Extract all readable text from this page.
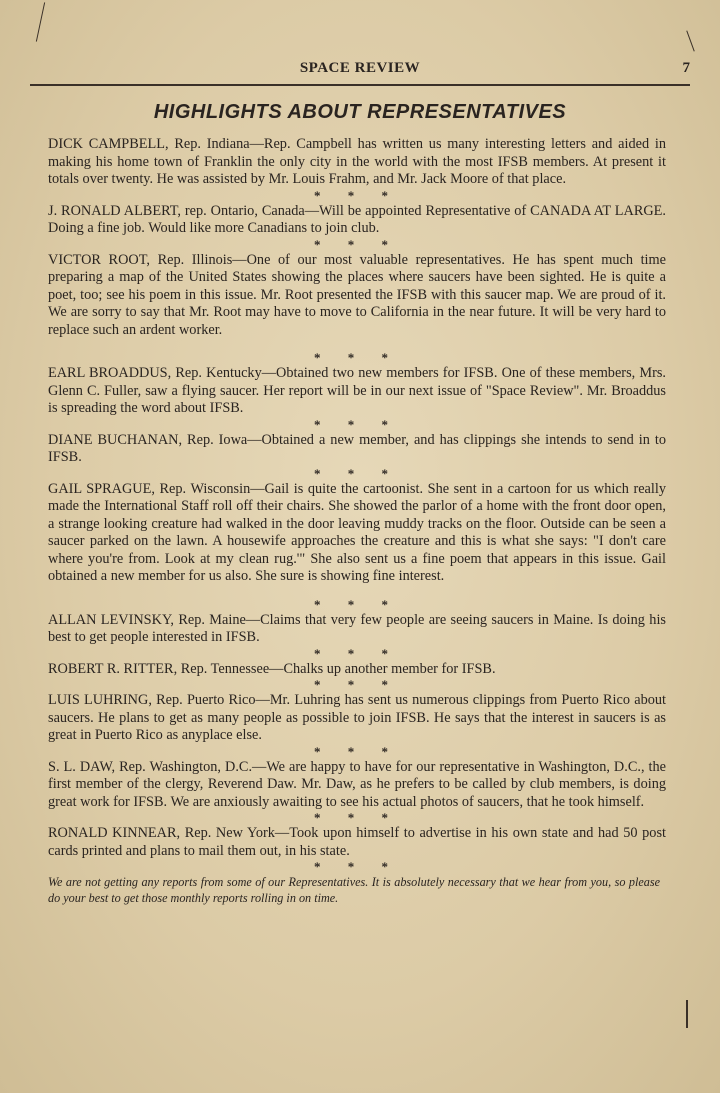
SPACE REVIEW	7
HIGHLIGHTS ABOUT REPRESENTATIVES

DICK CAMPBELL, Rep. Indiana—Rep. Campbell has written us many interesting letters and aided in making his home town of Franklin the only city in the world with the most IFSB members. At present it totals over twenty. He was assisted by Mr. Louis Frahm, and Mr. Jack Moore of that place.

* * *

J. RONALD ALBERT, rep. Ontario, Canada—Will be appointed Representative of CANADA AT LARGE. Doing a fine job. Would like more Canadians to join club.

* * *

VICTOR ROOT, Rep. Illinois—One of our most valuable representatives. He has spent much time preparing a map of the United States showing the places where saucers have been sighted. He is quite a poet, too; see his poem in this issue. Mr. Root presented the IFSB with this saucer map. We are proud of it. We are sorry to say that Mr. Root may have to move to California in the near future. It will be very hard to replace such an ardent worker.

* * *

EARL BROADDUS, Rep. Kentucky—Obtained two new members for IFSB. One of these members, Mrs. Glenn C. Fuller, saw a flying saucer. Her report will be in our next issue of "Space Review". Mr. Broaddus is spreading the word about IFSB.

* * *

DIANE BUCHANAN, Rep. Iowa—Obtained a new member, and has clippings she intends to send in to IFSB.

* * *

GAIL SPRAGUE, Rep. Wisconsin—Gail is quite the cartoonist. She sent in a cartoon for us which really made the International Staff roll off their chairs. She showed the parlor of a home with the front door open, a strange looking creature had walked in the door leaving muddy tracks on the floor. Outside can be seen a saucer parked on the lawn. A housewife approaches the creature and this is what she says: "I don't care where you're from. Look at my clean rug.'" She also sent us a fine poem that appears in this issue. Gail obtained a new member for us also. She sure is showing fine interest.

* * *

ALLAN LEVINSKY, Rep. Maine—Claims that very few people are seeing saucers in Maine. Is doing his best to get people interested in IFSB.

* * *

ROBERT R. RITTER, Rep. Tennessee—Chalks up another member for IFSB.

* * *

LUIS LUHRING, Rep. Puerto Rico—Mr. Luhring has sent us numerous clippings from Puerto Rico about saucers. He plans to get as many people as possible to join IFSB. He says that the interest in saucers is as great in Puerto Rico as anyplace else.

* * *

S. L. DAW, Rep. Washington, D.C.—We are happy to have for our representative in Washington, D.C., the first member of the clergy, Reverend Daw. Mr. Daw, as he prefers to be called by club members, is doing great work for IFSB. We are anxiously awaiting to see his actual photos of saucers, that he took himself.

* * *

RONALD KINNEAR, Rep. New York—Took upon himself to advertise in his own state and had 50 post cards printed and plans to mail them out, in his state.

* * *

We are not getting any reports from some of our Representatives. It is absolutely necessary that we hear from you, so please do your best to get those monthly reports rolling in on time.
